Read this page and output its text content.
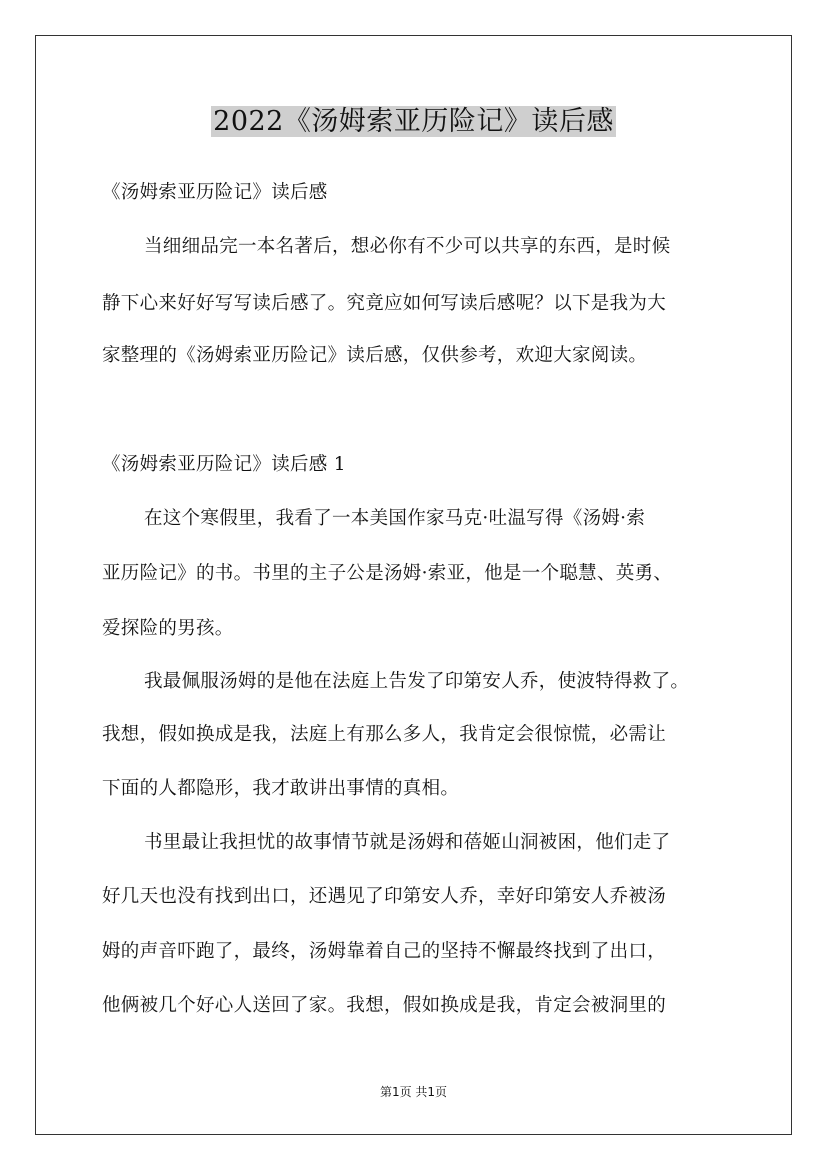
2022《汤姆索亚历险记》读后感
《汤姆索亚历险记》读后感
当细细品完一本名著后，想必你有不少可以共享的东西，是时候
静下心来好好写写读后感了。究竟应如何写读后感呢？以下是我为大
家整理的《汤姆索亚历险记》读后感，仅供参考，欢迎大家阅读。
《汤姆索亚历险记》读后感 1
在这个寒假里，我看了一本美国作家马克·吐温写得《汤姆·索
亚历险记》的书。书里的主子公是汤姆·索亚，他是一个聪慧、英勇、
爱探险的男孩。
我最佩服汤姆的是他在法庭上告发了印第安人乔，使波特得救了。
我想，假如换成是我，法庭上有那么多人，我肯定会很惊慌，必需让
下面的人都隐形，我才敢讲出事情的真相。
书里最让我担忧的故事情节就是汤姆和蓓姬山洞被困，他们走了
好几天也没有找到出口，还遇见了印第安人乔，幸好印第安人乔被汤
姆的声音吓跑了，最终，汤姆靠着自己的坚持不懈最终找到了出口，
他俩被几个好心人送回了家。我想，假如换成是我，肯定会被洞里的
第1页 共1页
